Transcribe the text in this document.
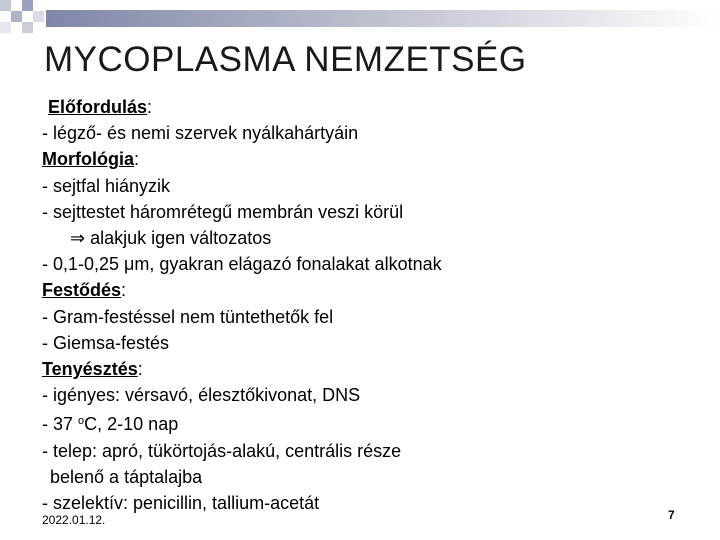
MYCOPLASMA NEMZETSÉG
Előfordulás:
- légző- és nemi szervek nyálkahártyáin
Morfológia:
- sejtfal hiányzik
- sejttestet háromrétegű membrán veszi körül
⇒ alakjuk igen változatos
- 0,1-0,25 μm, gyakran elágazó fonalakat alkotnak
Festődés:
- Gram-festéssel nem tüntethetők fel
- Giemsa-festés
Tenyésztés:
- igényes: vérsavó, élesztőkivonat, DNS
- 37 $^o$C, 2-10 nap
- telep: apró, tükörtojás-alakú, centrális része
belenő a táptalajba
- szelektív: penicillin, tallium-acetát
2022.01.12.	7
